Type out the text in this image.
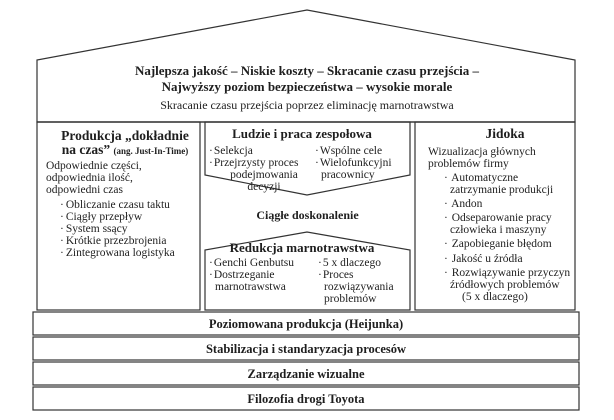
Najlepsza jakość – Niskie koszty – Skracanie czasu przejścia –
Najwyższy poziom bezpieczeństwa – wysokie morale
Skracanie czasu przejścia poprzez eliminację marnotrawstwa
Produkcja „dokładnie
na czas” (ang. Just-In-Time)
Odpowiednie części,
odpowiednia ilość,
odpowiedni czas
· Obliczanie czasu taktu
· Ciągły przepływ
· System ssący
· Krótkie przezbrojenia
· Zintegrowana logistyka
Ludzie i praca zespołowa
· Selekcja
· Przejrzysty proces
podejmowania
decyzji
· Wspólne cele
· Wielofunkcyjni
pracownicy
Ciągłe doskonalenie
Redukcja marnotrawstwa
· Genchi Genbutsu
· Dostrzeganie
marnotrawstwa
· 5 x dlaczego
· Proces
rozwiązywania
problemów
Jidoka
Wizualizacja głównych
problemów firmy
· Automatyczne
zatrzymanie produkcji
· Andon
· Odseparowanie pracy
człowieka i maszyny
· Zapobieganie błędom
· Jakość u źródła
· Rozwiązywanie przyczyn
źródłowych problemów
(5 x dlaczego)
Poziomowana produkcja (Heijunka)
Stabilizacja i standaryzacja procesów
Zarządzanie wizualne
Filozofia drogi Toyota
